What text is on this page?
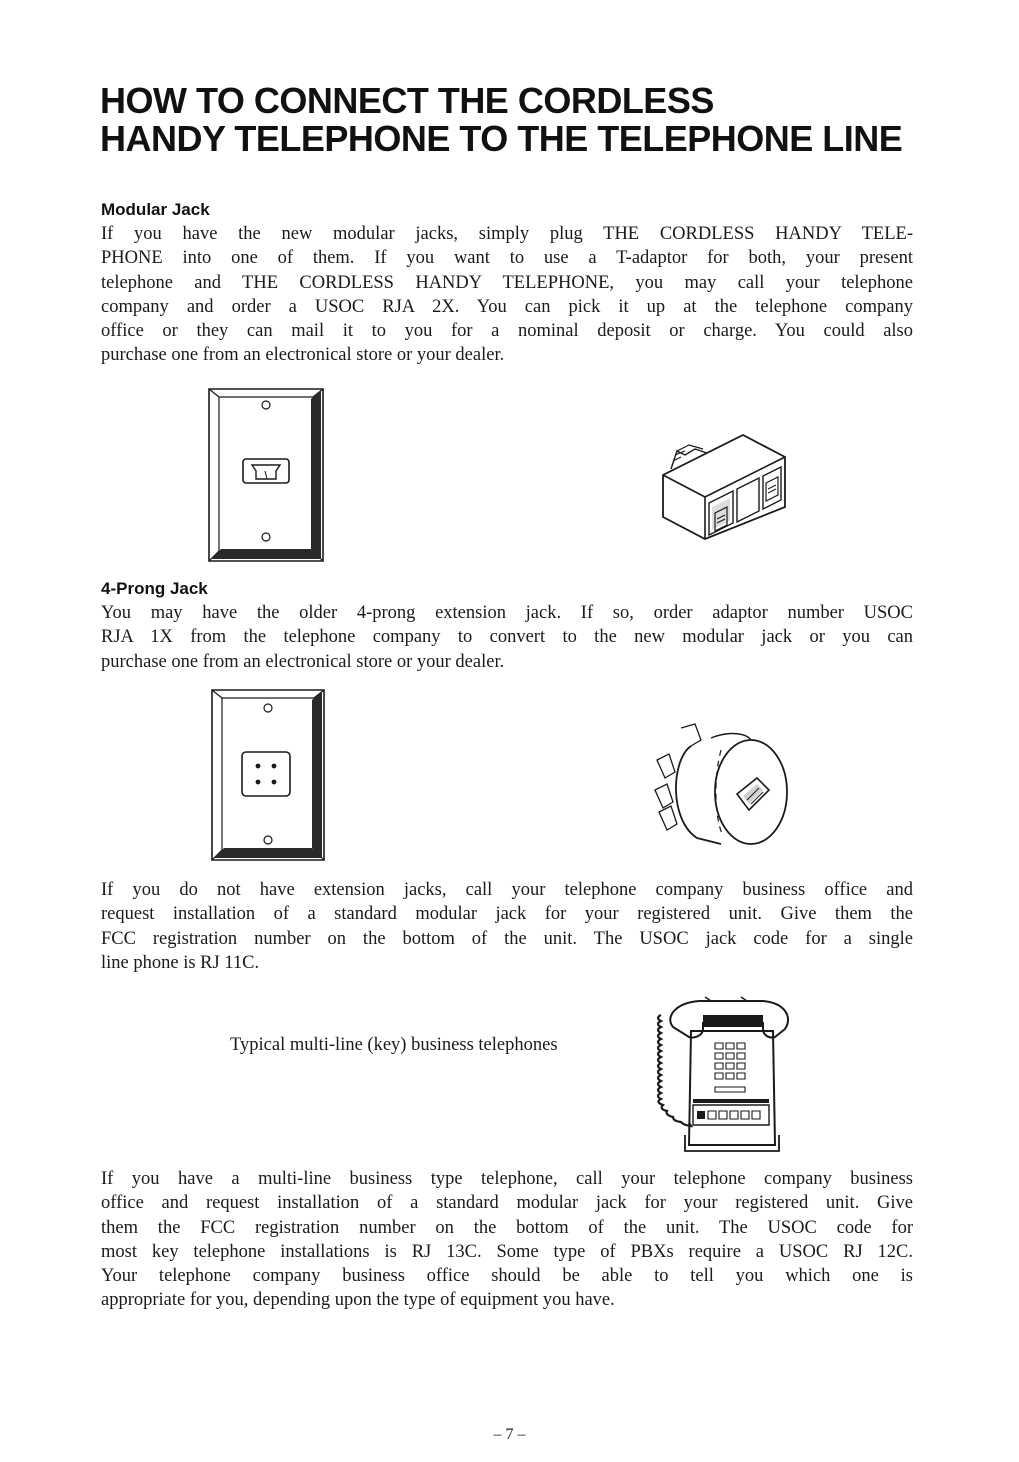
HOW TO CONNECT THE CORDLESS
HANDY TELEPHONE TO THE TELEPHONE LINE
Modular Jack

If you have the new modular jacks, simply plug THE CORDLESS HANDY TELE-
PHONE into one of them. If you want to use a T-adaptor for both, your present
telephone and THE CORDLESS HANDY TELEPHONE, you may call your telephone
company and order a USOC RJA 2X. You can pick it up at the telephone company
office or they can mail it to you for a nominal deposit or charge. You could also
purchase one from an electronical store or your dealer.

4-Prong Jack

You may have the older 4-prong extension jack. If so, order adaptor number USOC
RJA 1X from the telephone company to convert to the new modular jack or you can
purchase one from an electronical store or your dealer.

If you do not have extension jacks, call your telephone company business office and
request installation of a standard modular jack for your registered unit. Give them the
FCC registration number on the bottom of the unit. The USOC jack code for a single
line phone is RJ 11C.

Typical multi-line (key) business telephones

If you have a multi-line business type telephone, call your telephone company business
office and request installation of a standard modular jack for your registered unit. Give
them the FCC registration number on the bottom of the unit. The USOC code for
most key telephone installations is RJ 13C. Some type of PBXs require a USOC RJ 12C.
Your telephone company business office should be able to tell you which one is
appropriate for you, depending upon the type of equipment you have.

– 7 –
